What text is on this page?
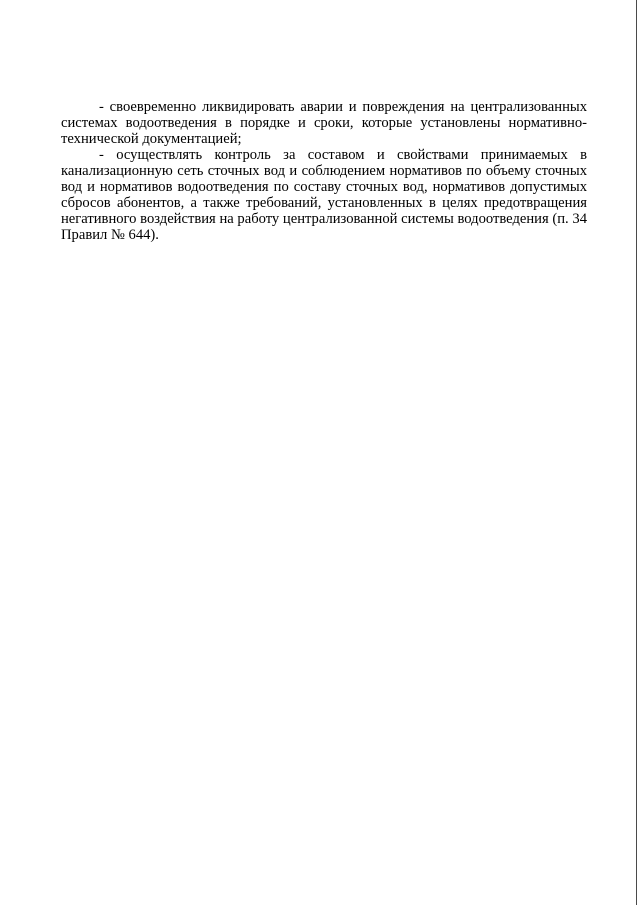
- своевременно ликвидировать аварии и повреждения на централизованных системах водоотведения в порядке и сроки, которые установлены нормативно-технической документацией;

- осуществлять контроль за составом и свойствами принимаемых в канализационную сеть сточных вод и соблюдением нормативов по объему сточных вод и нормативов водоотведения по составу сточных вод, нормативов допустимых сбросов абонентов, а также требований, установленных в целях предотвращения негативного воздействия на работу централизованной системы водоотведения (п. 34 Правил № 644).
